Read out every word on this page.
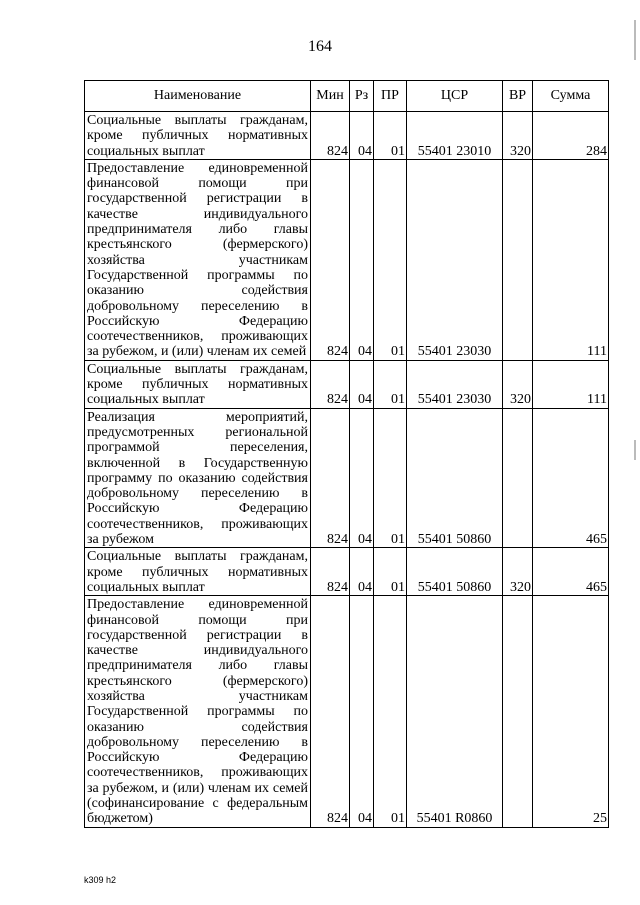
164
Наименование	Мин	Рз	ПР	ЦСР	ВР	Сумма
Социальные выплаты гражданам, кроме публичных нормативных социальных выплат	824	04	01	55401 23010	320	284
Предоставление единовременной финансовой помощи при государственной регистрации в качестве индивидуального предпринимателя либо главы крестьянского (фермерского) хозяйства участникам Государственной программы по оказанию содействия добровольному переселению в Российскую Федерацию соотечественников, проживающих за рубежом, и (или) членам их семей	824	04	01	55401 23030		111
Социальные выплаты гражданам, кроме публичных нормативных социальных выплат	824	04	01	55401 23030	320	111
Реализация мероприятий, предусмотренных региональной программой переселения, включенной в Государственную программу по оказанию содействия добровольному переселению в Российскую Федерацию соотечественников, проживающих за рубежом	824	04	01	55401 50860		465
Социальные выплаты гражданам, кроме публичных нормативных социальных выплат	824	04	01	55401 50860	320	465
Предоставление единовременной финансовой помощи при государственной регистрации в качестве индивидуального предпринимателя либо главы крестьянского (фермерского) хозяйства участникам Государственной программы по оказанию содействия добровольному переселению в Российскую Федерацию соотечественников, проживающих за рубежом, и (или) членам их семей (софинансирование с федеральным бюджетом)	824	04	01	55401 R0860		25
k309 h2
